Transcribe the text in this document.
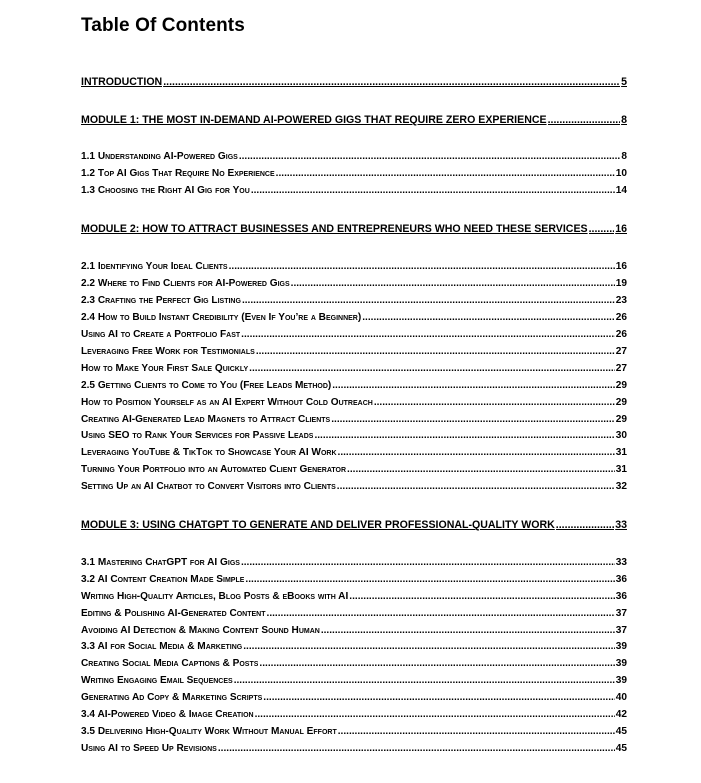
Table Of Contents
INTRODUCTION .....	5
MODULE 1: THE MOST IN-DEMAND AI-POWERED GIGS THAT REQUIRE ZERO EXPERIENCE .....	8
1.1 Understanding AI-Powered Gigs .....	8
1.2 Top AI Gigs That Require No Experience .....	10
1.3 Choosing the Right AI Gig for You .....	14
MODULE 2: HOW TO ATTRACT BUSINESSES AND ENTREPRENEURS WHO NEED THESE SERVICES .....	16
2.1 Identifying Your Ideal Clients .....	16
2.2 Where to Find Clients for AI-Powered Gigs .....	19
2.3 Crafting the Perfect Gig Listing .....	23
2.4 How to Build Instant Credibility (Even If You’re a Beginner) .....	26
Using AI to Create a Portfolio Fast .....	26
Leveraging Free Work for Testimonials .....	27
How to Make Your First Sale Quickly .....	27
2.5 Getting Clients to Come to You (Free Leads Method) .....	29
How to Position Yourself as an AI Expert Without Cold Outreach .....	29
Creating AI-Generated Lead Magnets to Attract Clients .....	29
Using SEO to Rank Your Services for Passive Leads .....	30
Leveraging YouTube & TikTok to Showcase Your AI Work .....	31
Turning Your Portfolio into an Automated Client Generator .....	31
Setting Up an AI Chatbot to Convert Visitors into Clients .....	32
MODULE 3: USING CHATGPT TO GENERATE AND DELIVER PROFESSIONAL-QUALITY WORK .....	33
3.1 Mastering ChatGPT for AI Gigs .....	33
3.2 AI Content Creation Made Simple .....	36
Writing High-Quality Articles, Blog Posts & eBooks with AI .....	36
Editing & Polishing AI-Generated Content .....	37
Avoiding AI Detection & Making Content Sound Human .....	37
3.3 AI for Social Media & Marketing .....	39
Creating Social Media Captions & Posts .....	39
Writing Engaging Email Sequences .....	39
Generating Ad Copy & Marketing Scripts .....	40
3.4 AI-Powered Video & Image Creation .....	42
3.5 Delivering High-Quality Work Without Manual Effort .....	45
Using AI to Speed Up Revisions .....	45
